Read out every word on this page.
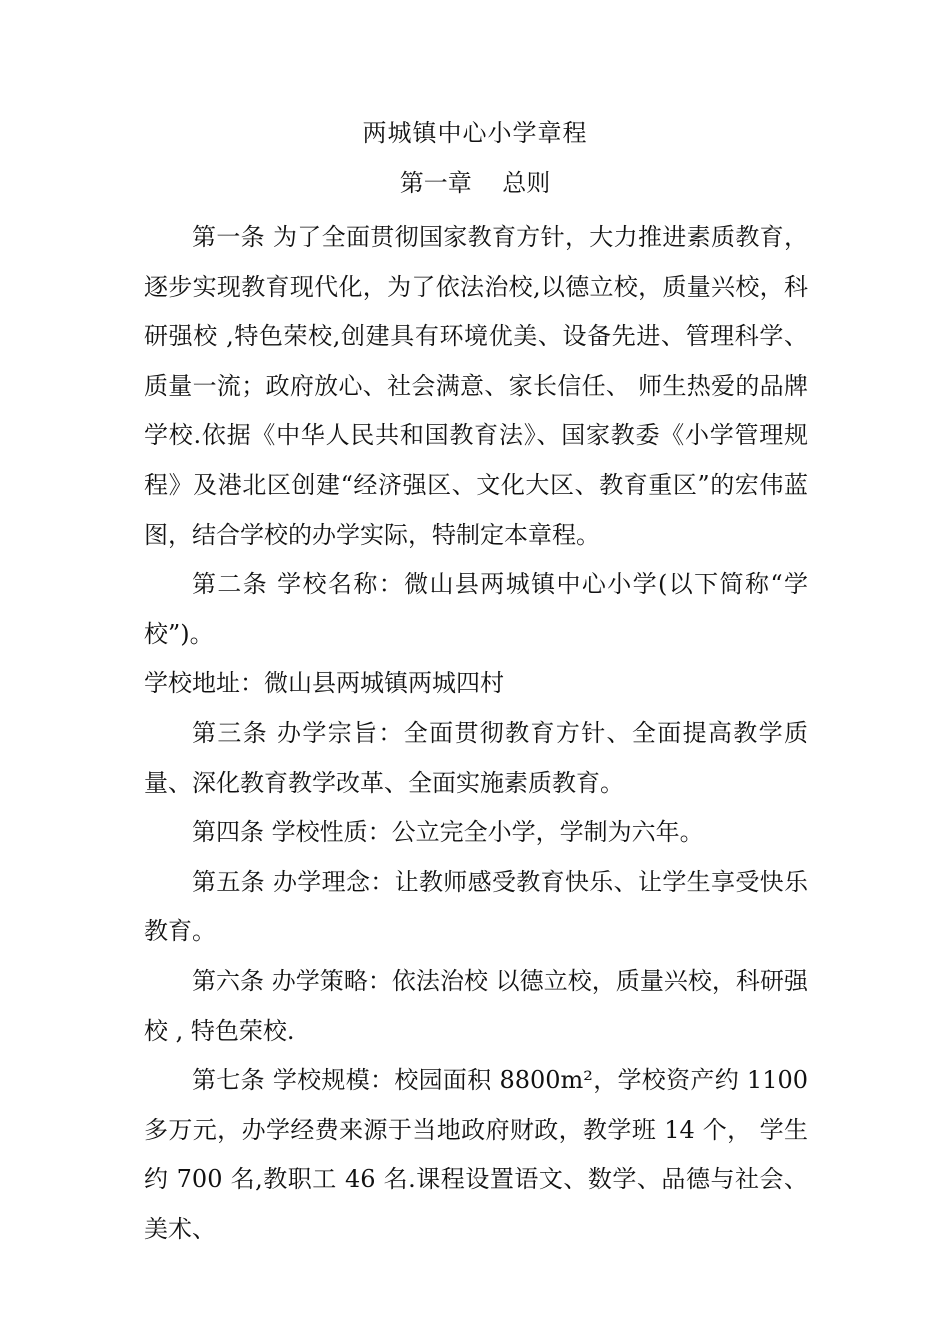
两城镇中心小学章程
第一章    总则

第一条 为了全面贯彻国家教育方针，大力推进素质教育，逐步实现教育现代化，为了依法治校,以德立校，质量兴校，科研强校 ,特色荣校,创建具有环境优美、设备先进、管理科学、质量一流；政府放心、社会满意、家长信任、 师生热爱的品牌学校.依据《中华人民共和国教育法》、国家教委《小学管理规程》及港北区创建“经济强区、文化大区、教育重区”的宏伟蓝图，结合学校的办学实际，特制定本章程。

第二条 学校名称：微山县两城镇中心小学(以下简称“学校”)。

学校地址：微山县两城镇两城四村

第三条 办学宗旨：全面贯彻教育方针、全面提高教学质量、深化教育教学改革、全面实施素质教育。

第四条 学校性质：公立完全小学，学制为六年。

第五条 办学理念：让教师感受教育快乐、让学生享受快乐教育。

第六条 办学策略：依法治校 以德立校，质量兴校，科研强校 , 特色荣校.

第七条 学校规模：校园面积 8800m²，学校资产约 1100 多万元，办学经费来源于当地政府财政，教学班 14 个， 学生约 700 名,教职工 46 名.课程设置语文、数学、品德与社会、美术、
